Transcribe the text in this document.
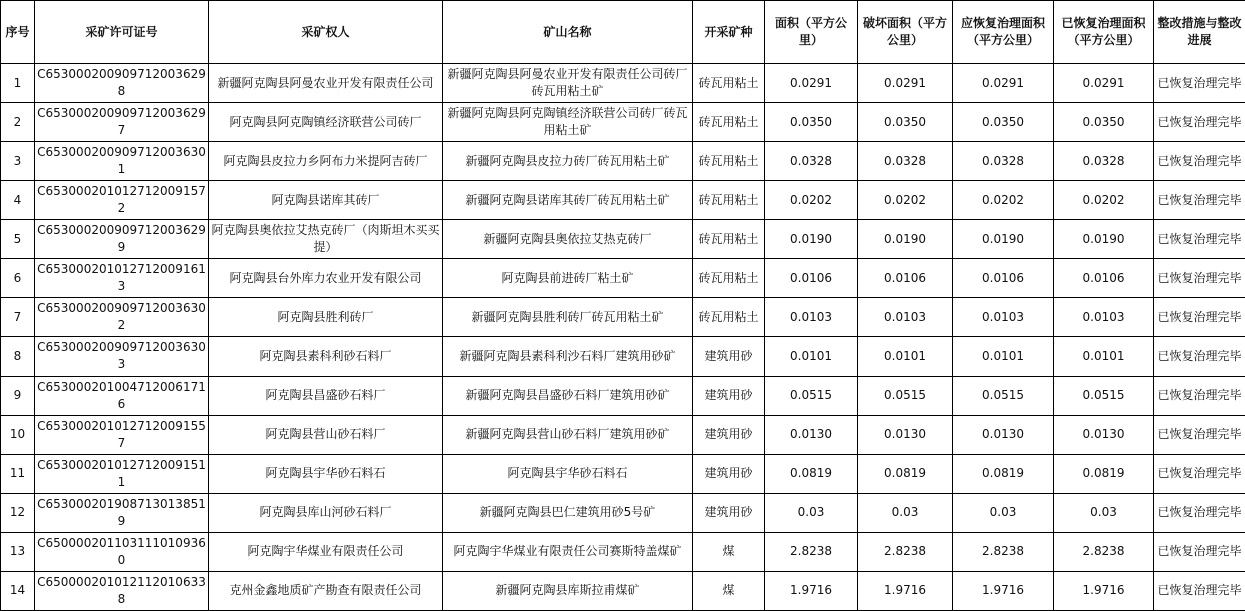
序号	采矿许可证号	采矿权人	矿山名称	开采矿种	面积（平方公里）	破坏面积（平方公里）	应恢复治理面积（平方公里）	已恢复治理面积（平方公里）	整改措施与整改进展
1	C6530002009097120036298	新疆阿克陶县阿曼农业开发有限责任公司	新疆阿克陶县阿曼农业开发有限责任公司砖厂砖瓦用粘土矿	砖瓦用粘土	0.0291	0.0291	0.0291	0.0291	已恢复治理完毕
2	C6530002009097120036297	阿克陶县阿克陶镇经济联营公司砖厂	新疆阿克陶县阿克陶镇经济联营公司砖厂砖瓦用粘土矿	砖瓦用粘土	0.0350	0.0350	0.0350	0.0350	已恢复治理完毕
3	C6530002009097120036301	阿克陶县皮拉力乡阿布力米提阿吉砖厂	新疆阿克陶县皮拉力砖厂砖瓦用粘土矿	砖瓦用粘土	0.0328	0.0328	0.0328	0.0328	已恢复治理完毕
4	C6530002010127120091572	阿克陶县诺库其砖厂	新疆阿克陶县诺库其砖厂砖瓦用粘土矿	砖瓦用粘土	0.0202	0.0202	0.0202	0.0202	已恢复治理完毕
5	C6530002009097120036299	阿克陶县奥依拉艾热克砖厂（肉斯坦木买买提）	新疆阿克陶县奥依拉艾热克砖厂	砖瓦用粘土	0.0190	0.0190	0.0190	0.0190	已恢复治理完毕
6	C6530002010127120091613	阿克陶县台外库力农业开发有限公司	阿克陶县前进砖厂粘土矿	砖瓦用粘土	0.0106	0.0106	0.0106	0.0106	已恢复治理完毕
7	C6530002009097120036302	阿克陶县胜利砖厂	新疆阿克陶县胜利砖厂砖瓦用粘土矿	砖瓦用粘土	0.0103	0.0103	0.0103	0.0103	已恢复治理完毕
8	C6530002009097120036303	阿克陶县素科利砂石料厂	新疆阿克陶县素科利沙石料厂建筑用砂矿	建筑用砂	0.0101	0.0101	0.0101	0.0101	已恢复治理完毕
9	C6530002010047120061716	阿克陶县昌盛砂石料厂	新疆阿克陶县昌盛砂石料厂建筑用砂矿	建筑用砂	0.0515	0.0515	0.0515	0.0515	已恢复治理完毕
10	C6530002010127120091557	阿克陶县营山砂石料厂	新疆阿克陶县营山砂石料厂建筑用砂矿	建筑用砂	0.0130	0.0130	0.0130	0.0130	已恢复治理完毕
11	C6530002010127120091511	阿克陶县宇华砂石料石	阿克陶县宇华砂石料石	建筑用砂	0.0819	0.0819	0.0819	0.0819	已恢复治理完毕
12	C6530002019087130138519	阿克陶县库山河砂石料厂	新疆阿克陶县巴仁建筑用砂5号矿	建筑用砂	0.03	0.03	0.03	0.03	已恢复治理完毕
13	C6500002011031110109360	阿克陶宇华煤业有限责任公司	阿克陶宇华煤业有限责任公司赛斯特盖煤矿	煤	2.8238	2.8238	2.8238	2.8238	已恢复治理完毕
14	C6500002010121120106338	克州金鑫地质矿产勘查有限责任公司	新疆阿克陶县库斯拉甫煤矿	煤	1.9716	1.9716	1.9716	1.9716	已恢复治理完毕
